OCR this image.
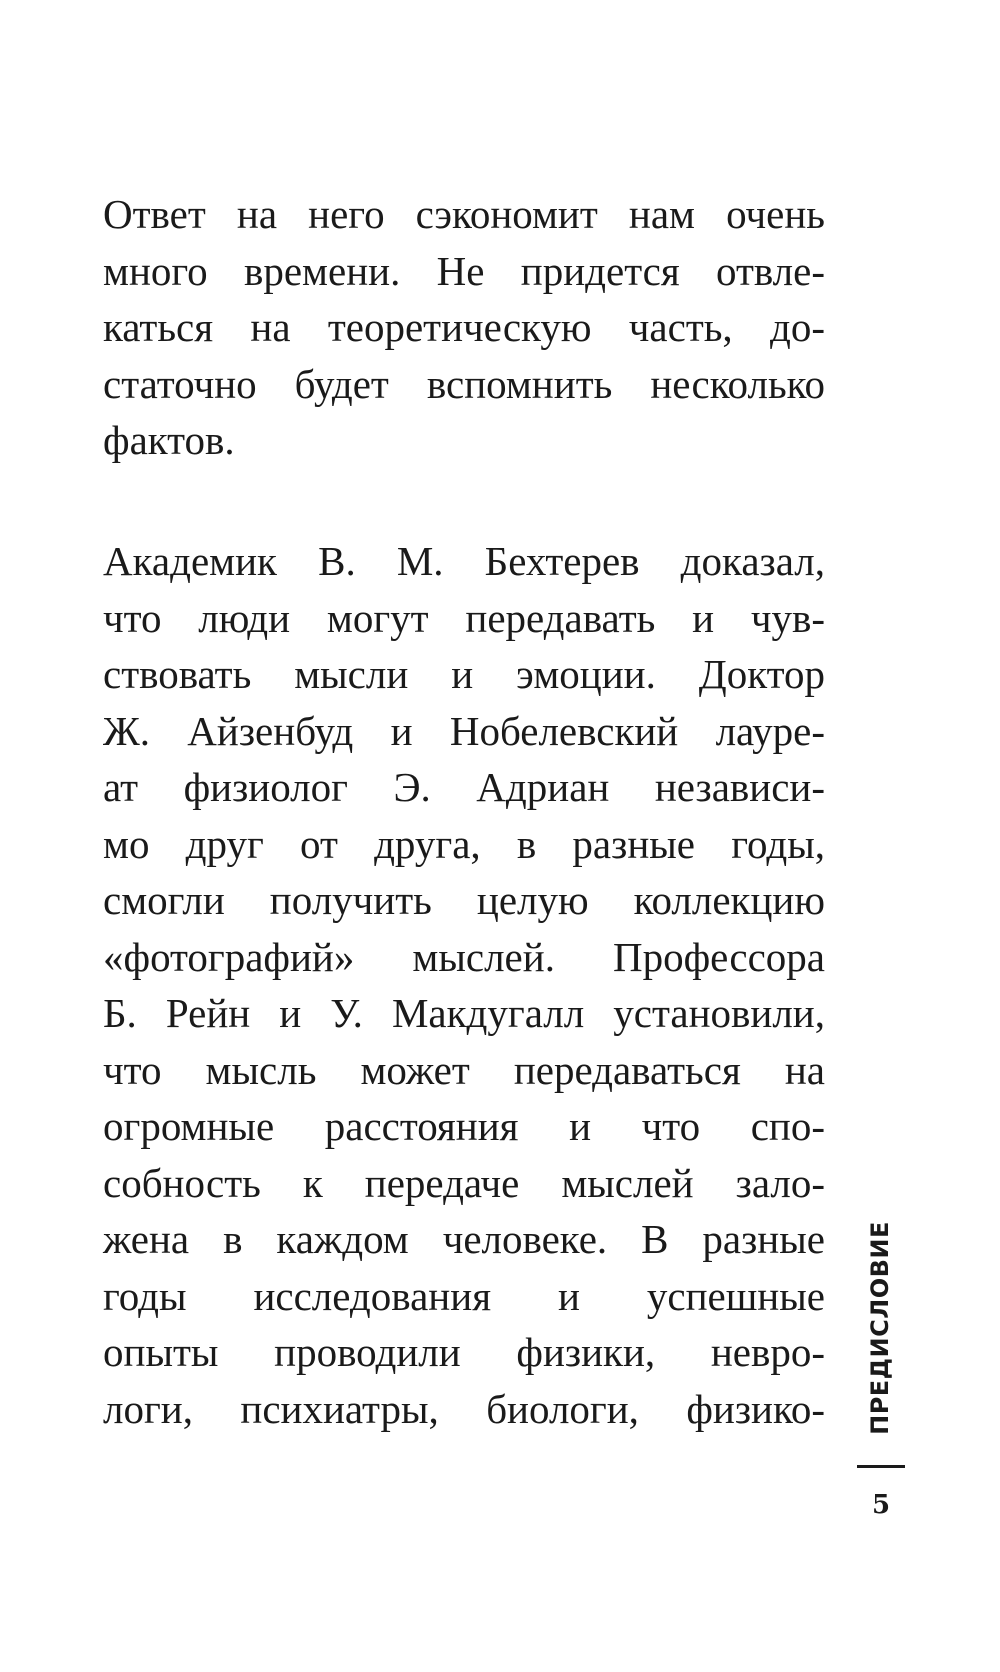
Ответ на него сэкономит нам очень
много времени. Не придется отвле-
каться на теоретическую часть, до-
статочно будет вспомнить несколько
фактов.
Академик В. М. Бехтерев доказал,
что люди могут передавать и чув-
ствовать мысли и эмоции. Доктор
Ж. Айзенбуд и Нобелевский лауре-
ат физиолог Э. Адриан независи-
мо друг от друга, в разные годы,
смогли получить целую коллекцию
«фотографий» мыслей. Профессора
Б. Рейн и У. Макдугалл установили,
что мысль может передаваться на
огромные расстояния и что спо-
собность к передаче мыслей зало-
жена в каждом человеке. В разные
годы исследования и успешные
опыты проводили физики, невро-
логи, психиатры, биологи, физико- ПРЕДИСЛОВИЕ
5
